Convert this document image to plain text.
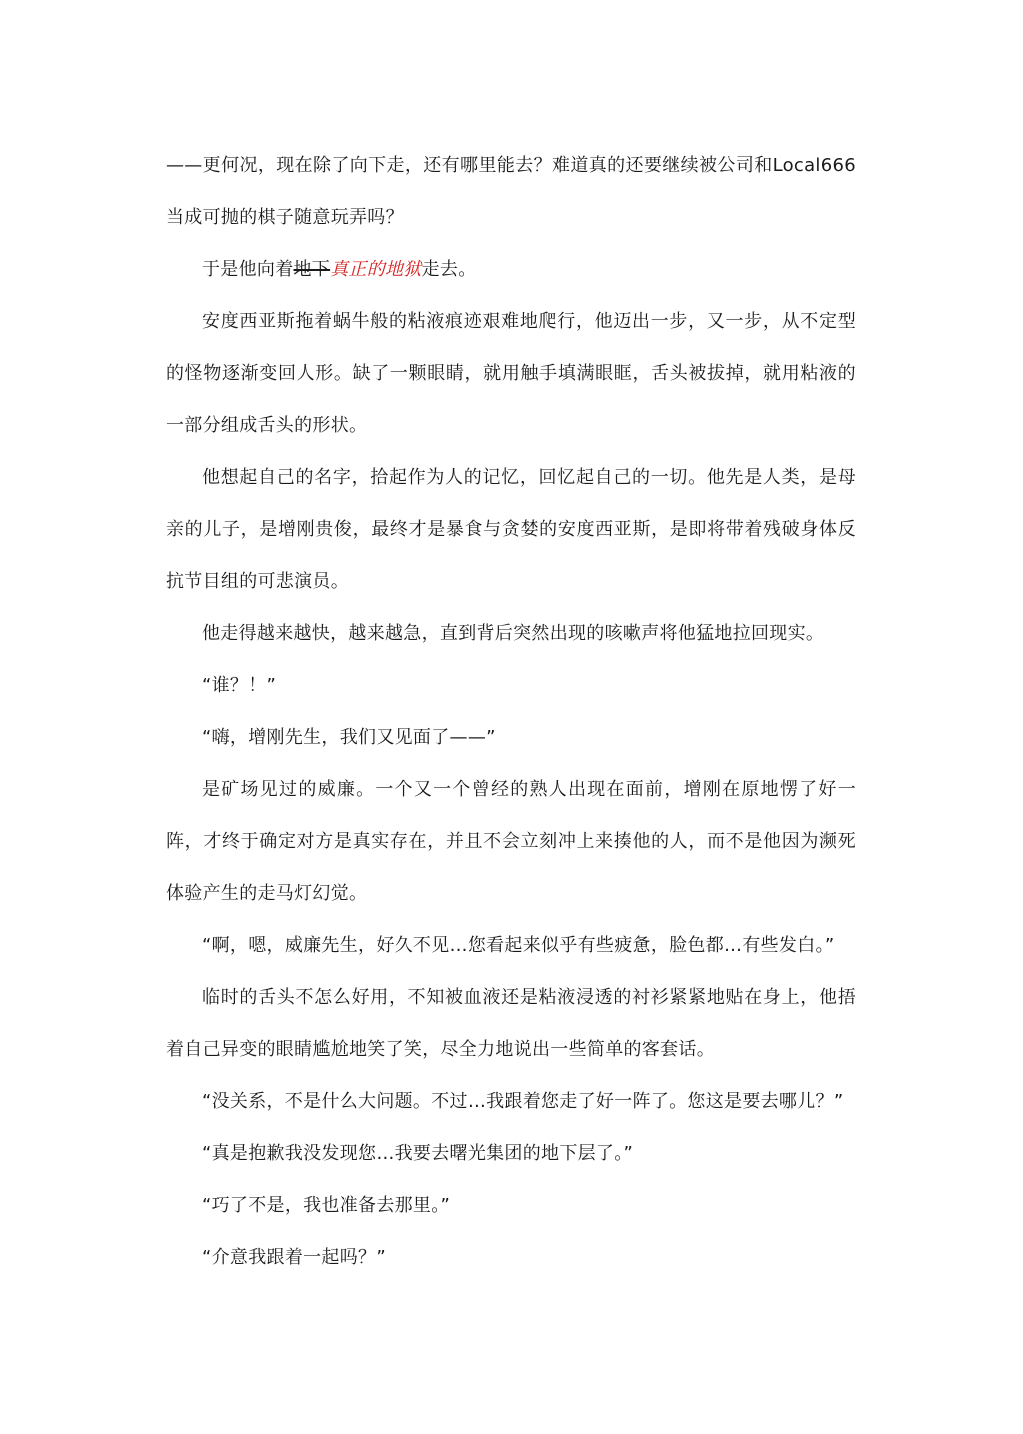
——更何况，现在除了向下走，还有哪里能去？难道真的还要继续被公司和Local666当成可抛的棋子随意玩弄吗？

于是他向着地下真正的地狱走去。

安度西亚斯拖着蜗牛般的粘液痕迹艰难地爬行，他迈出一步，又一步，从不定型的怪物逐渐变回人形。缺了一颗眼睛，就用触手填满眼眶，舌头被拔掉，就用粘液的一部分组成舌头的形状。

他想起自己的名字，拾起作为人的记忆，回忆起自己的一切。他先是人类，是母亲的儿子，是增刚贵俊，最终才是暴食与贪婪的安度西亚斯，是即将带着残破身体反抗节目组的可悲演员。

他走得越来越快，越来越急，直到背后突然出现的咳嗽声将他猛地拉回现实。

“谁？！”

“嗨，增刚先生，我们又见面了——”

是矿场见过的威廉。一个又一个曾经的熟人出现在面前，增刚在原地愣了好一阵，才终于确定对方是真实存在，并且不会立刻冲上来揍他的人，而不是他因为濒死体验产生的走马灯幻觉。

“啊，嗯，威廉先生，好久不见…您看起来似乎有些疲惫，脸色都…有些发白。”

临时的舌头不怎么好用，不知被血液还是粘液浸透的衬衫紧紧地贴在身上，他捂着自己异变的眼睛尴尬地笑了笑，尽全力地说出一些简单的客套话。

“没关系，不是什么大问题。不过…我跟着您走了好一阵了。您这是要去哪儿？”

“真是抱歉我没发现您…我要去曙光集团的地下层了。”

“巧了不是，我也准备去那里。”

“介意我跟着一起吗？”
